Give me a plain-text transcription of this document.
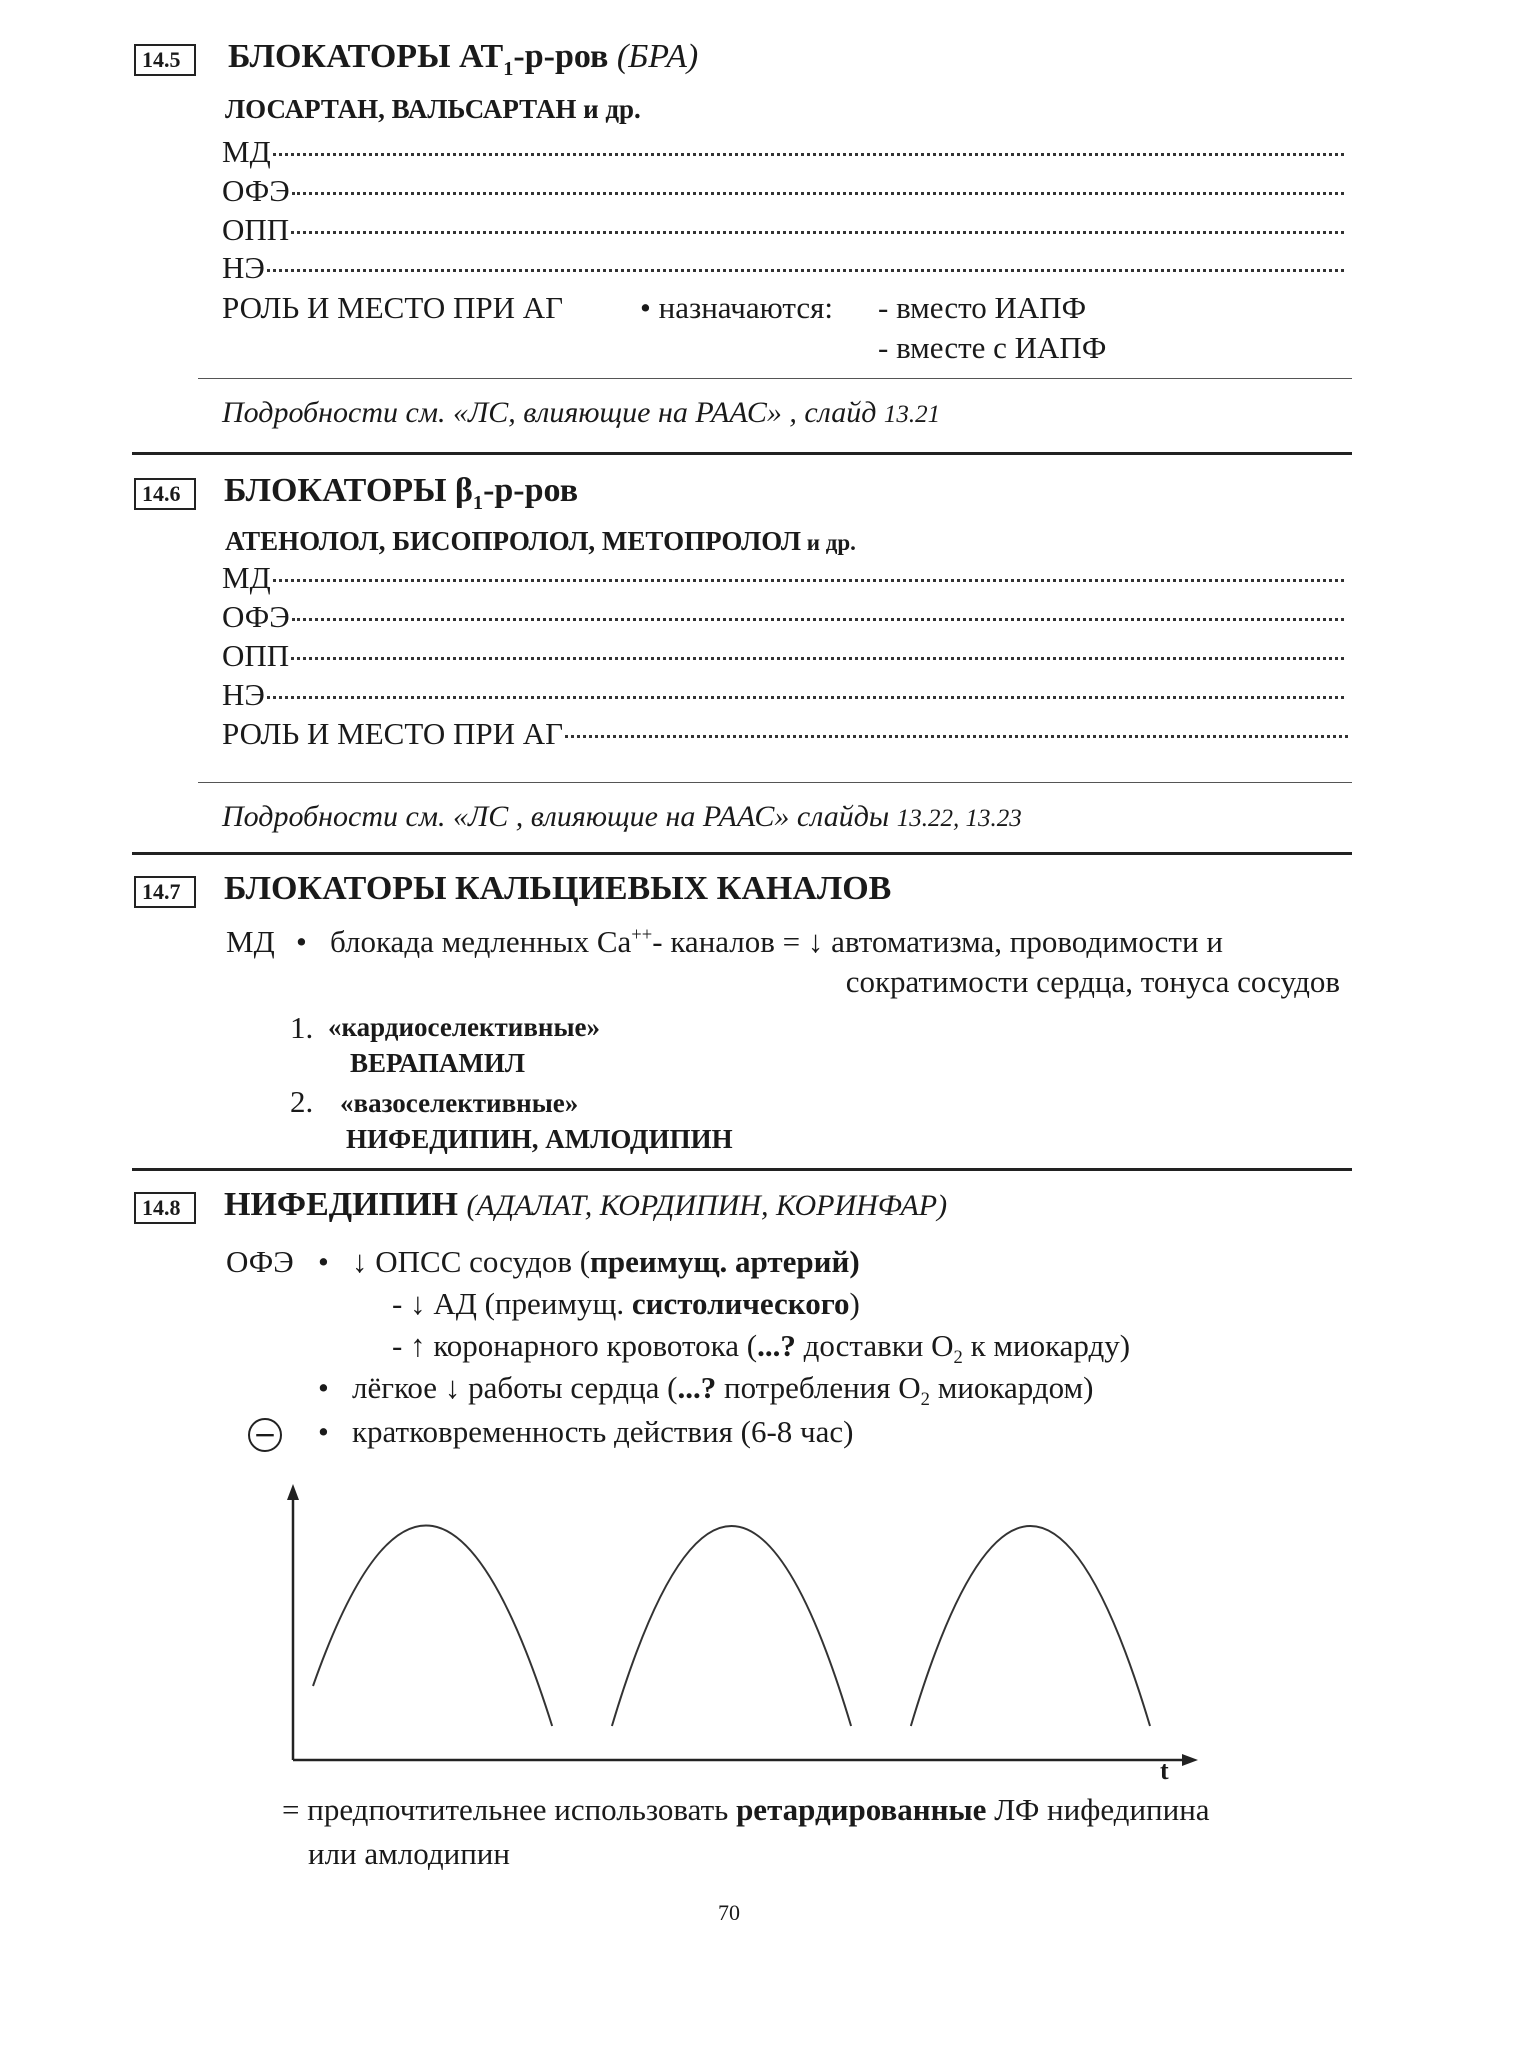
14.5	БЛОКАТОРЫ $АТ_1-р$-ров (БРА)
ЛОСАРТАН, ВАЛЬСАРТАН и др.
МД
ОФЭ
ОПП
НЭ
РОЛЬ И МЕСТО ПРИ АГ • назначаются: - вместо ИАПФ
- вместе с ИАПФ
Подробности см. «ЛС, влияющие на РААС» , слайд 13.21
14.6	БЛОКАТОРЫ $\beta_1-р$-ров
АТЕНОЛОЛ, БИСОПРОЛОЛ, МЕТОПРОЛОЛ и др.
МД
ОФЭ
ОПП
НЭ
РОЛЬ И МЕСТО ПРИ АГ
Подробности см. «ЛС , влияющие на РААС» слайды 13.22, 13.23
14.7	БЛОКАТОРЫ КАЛЬЦИЕВЫХ КАНАЛОВ
МД • блокада медленных Ca++- каналов = ↓ автоматизма, проводимости и
сократимости сердца, тонуса сосудов
1. «кардиоселективные»
ВЕРАПАМИЛ
2. «вазоселективные»
НИФЕДИПИН, АМЛОДИПИН
14.8	НИФЕДИПИН (АДАЛАТ, КОРДИПИН, КОРИНФАР)
ОФЭ • ↓ ОПСС сосудов (преимущ. артерий)
- ↓ АД (преимущ. систолического)
- ↑ коронарного кровотока (...? доставки $О_2$ к миокарду)
• лёгкое ↓ работы сердца (...? потребления $О_2$ миокардом)
− • кратковременность действия (6-8 час)
t
= предпочтительнее использовать ретардированные ЛФ нифедипина
или амлодипин
70
